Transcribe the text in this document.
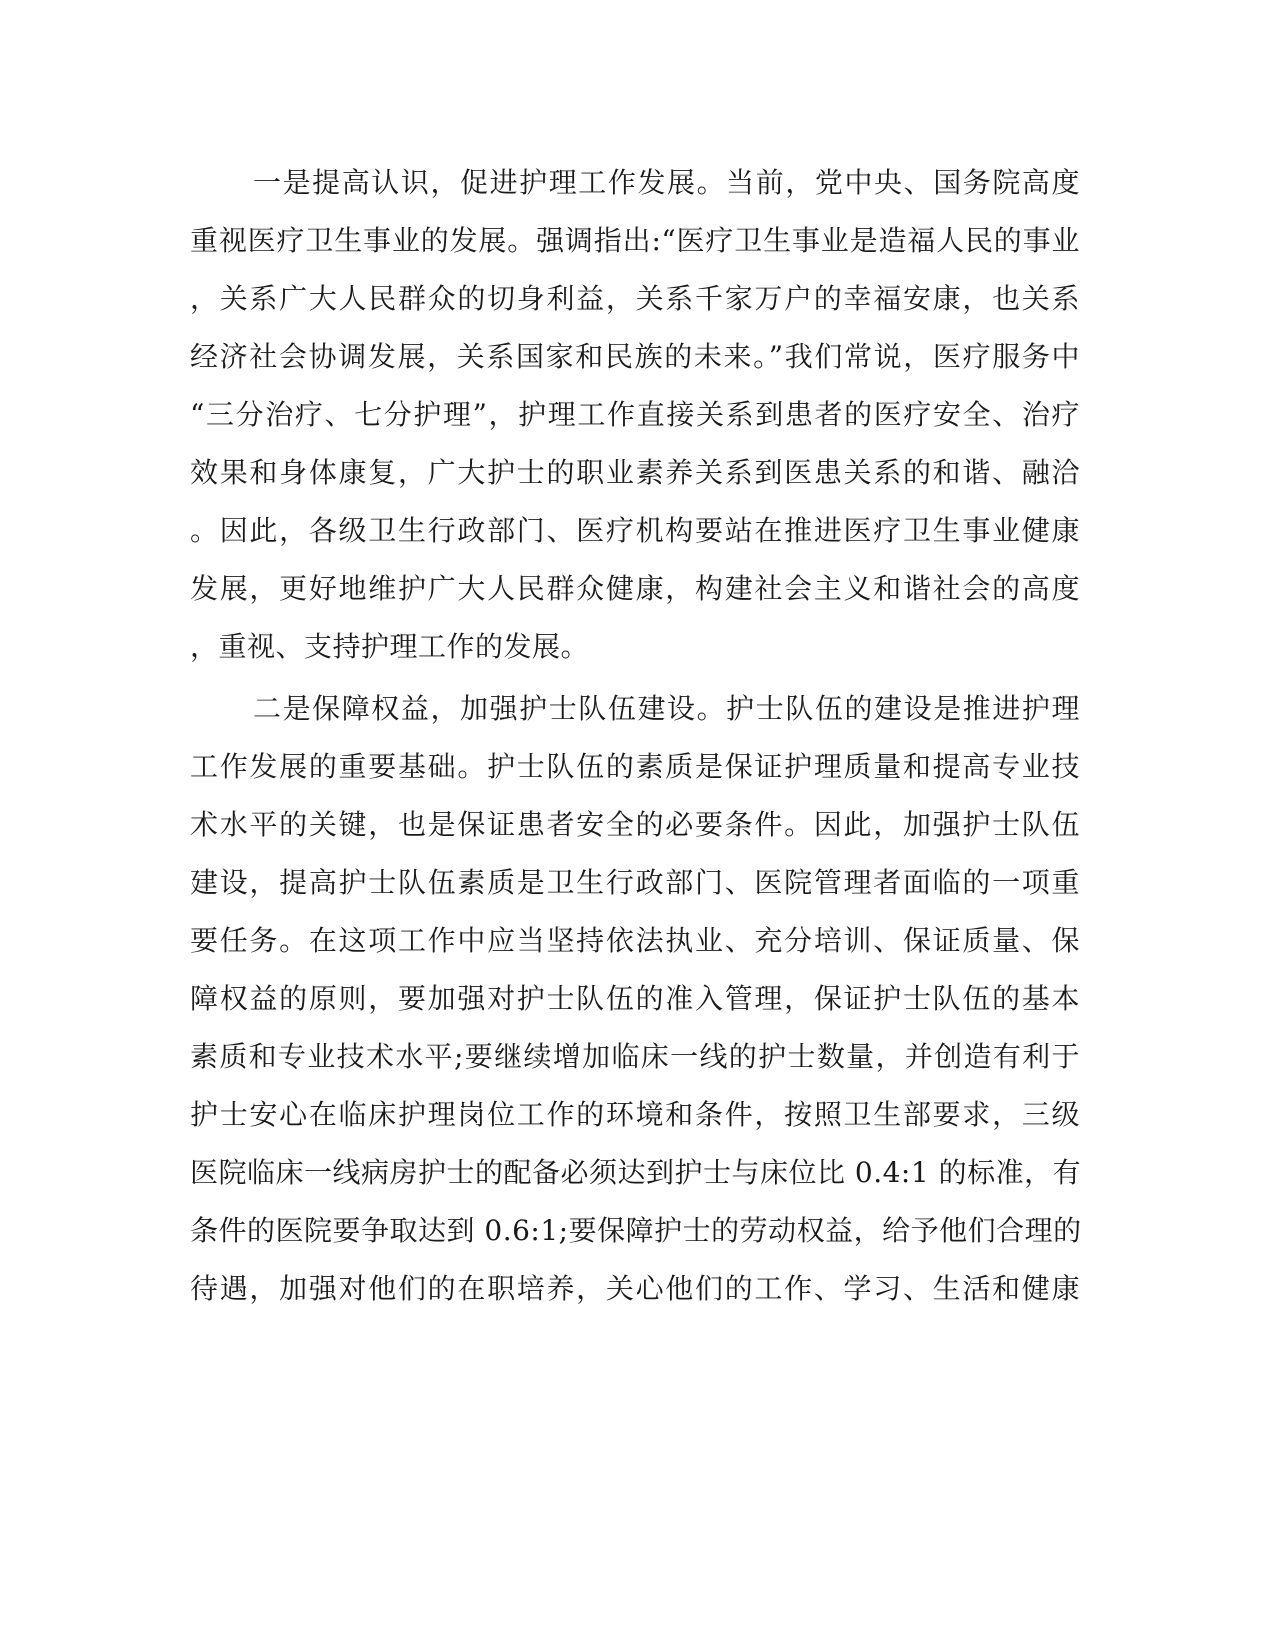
一是提高认识，促进护理工作发展。当前，党中央、国务院高度

重视医疗卫生事业的发展。强调指出:“医疗卫生事业是造福人民的事业

，关系广大人民群众的切身利益，关系千家万户的幸福安康，也关系

经济社会协调发展，关系国家和民族的未来。”我们常说，医疗服务中

“三分治疗、七分护理”，护理工作直接关系到患者的医疗安全、治疗

效果和身体康复，广大护士的职业素养关系到医患关系的和谐、融洽

。因此，各级卫生行政部门、医疗机构要站在推进医疗卫生事业健康

发展，更好地维护广大人民群众健康，构建社会主义和谐社会的高度

，重视、支持护理工作的发展。

二是保障权益，加强护士队伍建设。护士队伍的建设是推进护理

工作发展的重要基础。护士队伍的素质是保证护理质量和提高专业技

术水平的关键，也是保证患者安全的必要条件。因此，加强护士队伍

建设，提高护士队伍素质是卫生行政部门、医院管理者面临的一项重

要任务。在这项工作中应当坚持依法执业、充分培训、保证质量、保

障权益的原则，要加强对护士队伍的准入管理，保证护士队伍的基本

素质和专业技术水平;要继续增加临床一线的护士数量，并创造有利于

护士安心在临床护理岗位工作的环境和条件，按照卫生部要求，三级

医院临床一线病房护士的配备必须达到护士与床位比 0.4:1 的标准，有

条件的医院要争取达到 0.6:1;要保障护士的劳动权益，给予他们合理的

待遇，加强对他们的在职培养，关心他们的工作、学习、生活和健康
